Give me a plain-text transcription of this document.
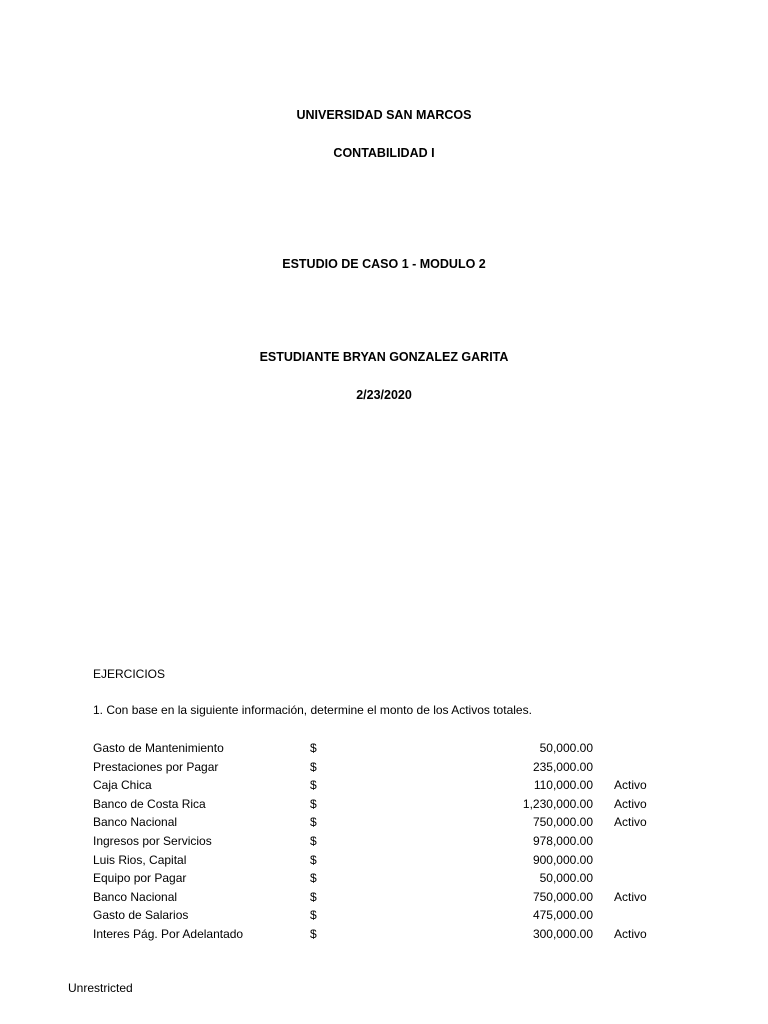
UNIVERSIDAD SAN MARCOS
CONTABILIDAD I
ESTUDIO DE CASO 1 - MODULO 2
ESTUDIANTE BRYAN GONZALEZ GARITA
2/23/2020
EJERCICIOS
1. Con base en la siguiente información, determine el monto de los Activos totales.
Gasto de Mantenimiento	$	50,000.00
Prestaciones por Pagar	$	235,000.00
Caja Chica	$	110,000.00 Activo
Banco de Costa Rica	$	1,230,000.00 Activo
Banco Nacional	$	750,000.00 Activo
Ingresos por Servicios	$	978,000.00
Luis Rios, Capital	$	900,000.00
Equipo por Pagar	$	50,000.00
Banco Nacional	$	750,000.00 Activo
Gasto de Salarios	$	475,000.00
Interes Pág. Por Adelantado	$	300,000.00 Activo
Unrestricted
